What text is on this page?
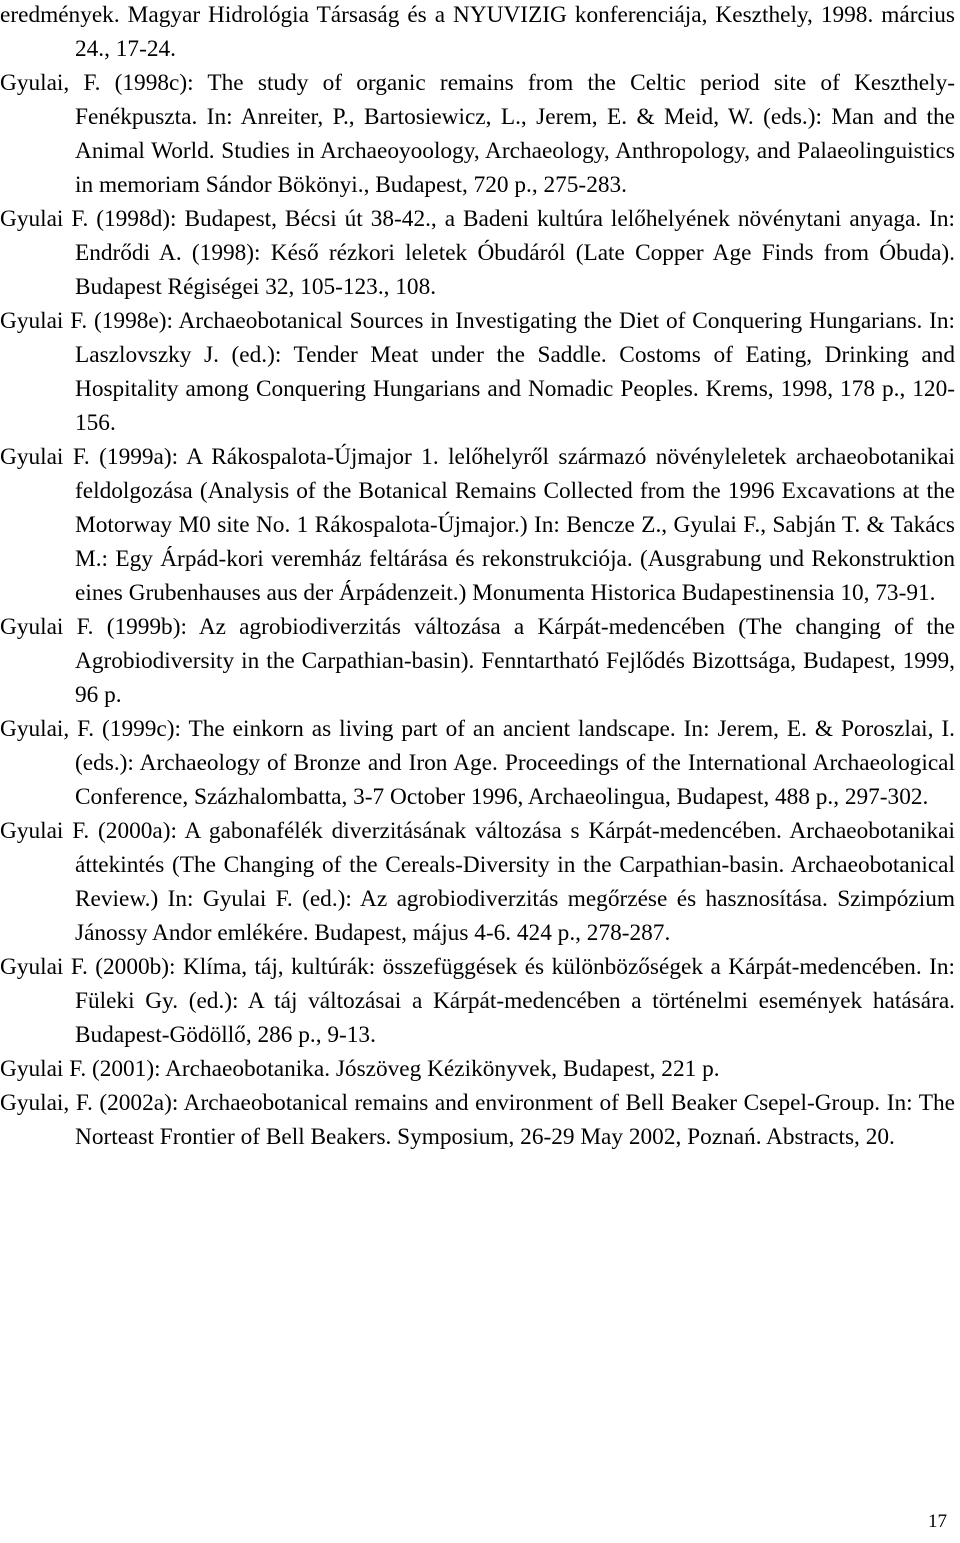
eredmények. Magyar Hidrológia Társaság és a NYUVIZIG konferenciája, Keszthely, 1998. március 24., 17-24.

Gyulai, F. (1998c): The study of organic remains from the Celtic period site of Keszthely-Fenékpuszta. In: Anreiter, P., Bartosiewicz, L., Jerem, E. & Meid, W. (eds.): Man and the Animal World. Studies in Archaeoyoology, Archaeology, Anthropology, and Palaeolinguistics in memoriam Sándor Bökönyi., Budapest, 720 p., 275-283.

Gyulai F. (1998d): Budapest, Bécsi út 38-42., a Badeni kultúra lelőhelyének növénytani anyaga. In: Endrődi A. (1998): Késő rézkori leletek Óbudáról (Late Copper Age Finds from Óbuda). Budapest Régiségei 32, 105-123., 108.

Gyulai F. (1998e): Archaeobotanical Sources in Investigating the Diet of Conquering Hungarians. In: Laszlovszky J. (ed.): Tender Meat under the Saddle. Costoms of Eating, Drinking and Hospitality among Conquering Hungarians and Nomadic Peoples. Krems, 1998, 178 p., 120-156.

Gyulai F. (1999a): A Rákospalota-Újmajor 1. lelőhelyről származó növényleletek archaeobotanikai feldolgozása (Analysis of the Botanical Remains Collected from the 1996 Excavations at the Motorway M0 site No. 1 Rákospalota-Újmajor.) In: Bencze Z., Gyulai F., Sabján T. & Takács M.: Egy Árpád-kori veremház feltárása és rekonstrukciója. (Ausgrabung und Rekonstruktion eines Grubenhauses aus der Árpádenzeit.) Monumenta Historica Budapestinensia 10, 73-91.

Gyulai F. (1999b): Az agrobiodiverzitás változása a Kárpát-medencében (The changing of the Agrobiodiversity in the Carpathian-basin). Fenntartható Fejlődés Bizottsága, Budapest, 1999, 96 p.

Gyulai, F. (1999c): The einkorn as living part of an ancient landscape. In: Jerem, E. & Poroszlai, I. (eds.): Archaeology of Bronze and Iron Age. Proceedings of the International Archaeological Conference, Százhalombatta, 3-7 October 1996, Archaeolingua, Budapest, 488 p., 297-302.

Gyulai F. (2000a): A gabonafélék diverzitásának változása s Kárpát-medencében. Archaeobotanikai áttekintés (The Changing of the Cereals-Diversity in the Carpathian-basin. Archaeobotanical Review.) In: Gyulai F. (ed.): Az agrobiodiverzitás megőrzése és hasznosítása. Szimpózium Jánossy Andor emlékére. Budapest, május 4-6. 424 p., 278-287.

Gyulai F. (2000b): Klíma, táj, kultúrák: összefüggések és különbözőségek a Kárpát-medencében. In: Füleki Gy. (ed.): A táj változásai a Kárpát-medencében a történelmi események hatására. Budapest-Gödöllő, 286 p., 9-13.

Gyulai F. (2001): Archaeobotanika. Jószöveg Kézikönyvek, Budapest, 221 p.

Gyulai, F. (2002a): Archaeobotanical remains and environment of Bell Beaker Csepel-Group. In: The Norteast Frontier of Bell Beakers. Symposium, 26-29 May 2002, Poznań. Abstracts, 20.

17
